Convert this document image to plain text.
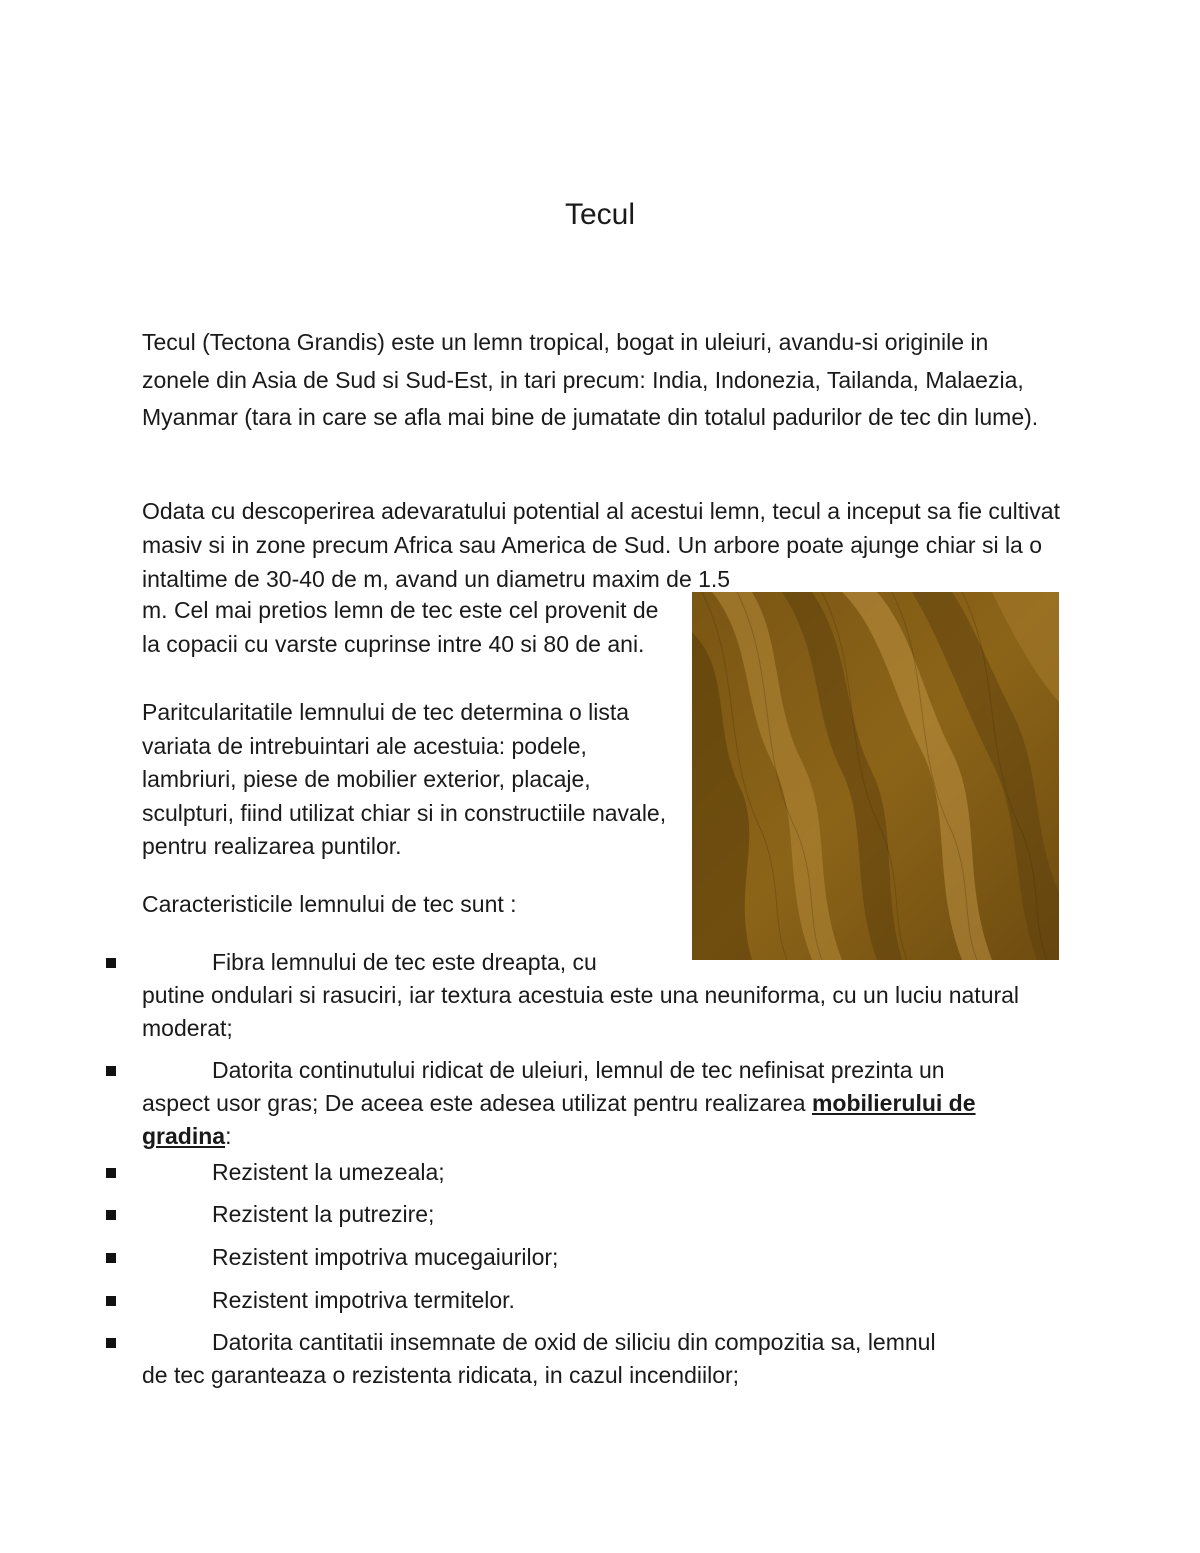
Tecul

Tecul (Tectona Grandis) este un lemn tropical, bogat in uleiuri, avandu-si originile in zonele din Asia de Sud si Sud-Est, in tari precum: India, Indonezia, Tailanda, Malaezia, Myanmar (tara in care se afla mai bine de jumatate din totalul padurilor de tec din lume).

Odata cu descoperirea adevaratului potential al acestui lemn, tecul a inceput sa fie cultivat masiv si in zone precum Africa sau America de Sud. Un arbore poate ajunge chiar si la o intaltime de 30-40 de m, avand un diametru maxim de 1.5

m. Cel mai pretios lemn de tec este cel provenit de la copacii cu varste cuprinse intre 40 si 80 de ani.

Paritcularitatile lemnului de tec determina o lista variata de intrebuintari ale acestuia: podele, lambriuri, piese de mobilier exterior, placaje, sculpturi, fiind utilizat chiar si in constructiile navale, pentru realizarea puntilor.

Caracteristicile lemnului de tec sunt :

Fibra lemnului de tec este dreapta, cu
putine ondulari si rasuciri, iar textura acestuia este una neuniforma, cu un luciu natural moderat;

Datorita continutului ridicat de uleiuri, lemnul de tec nefinisat prezinta un
aspect usor gras; De aceea este adesea utilizat pentru realizarea mobilierului de gradina:

Rezistent la umezeala;

Rezistent la putrezire;

Rezistent impotriva mucegaiurilor;

Rezistent impotriva termitelor.

Datorita cantitatii insemnate de oxid de siliciu din compozitia sa, lemnul
de tec garanteaza o rezistenta ridicata, in cazul incendiilor;
